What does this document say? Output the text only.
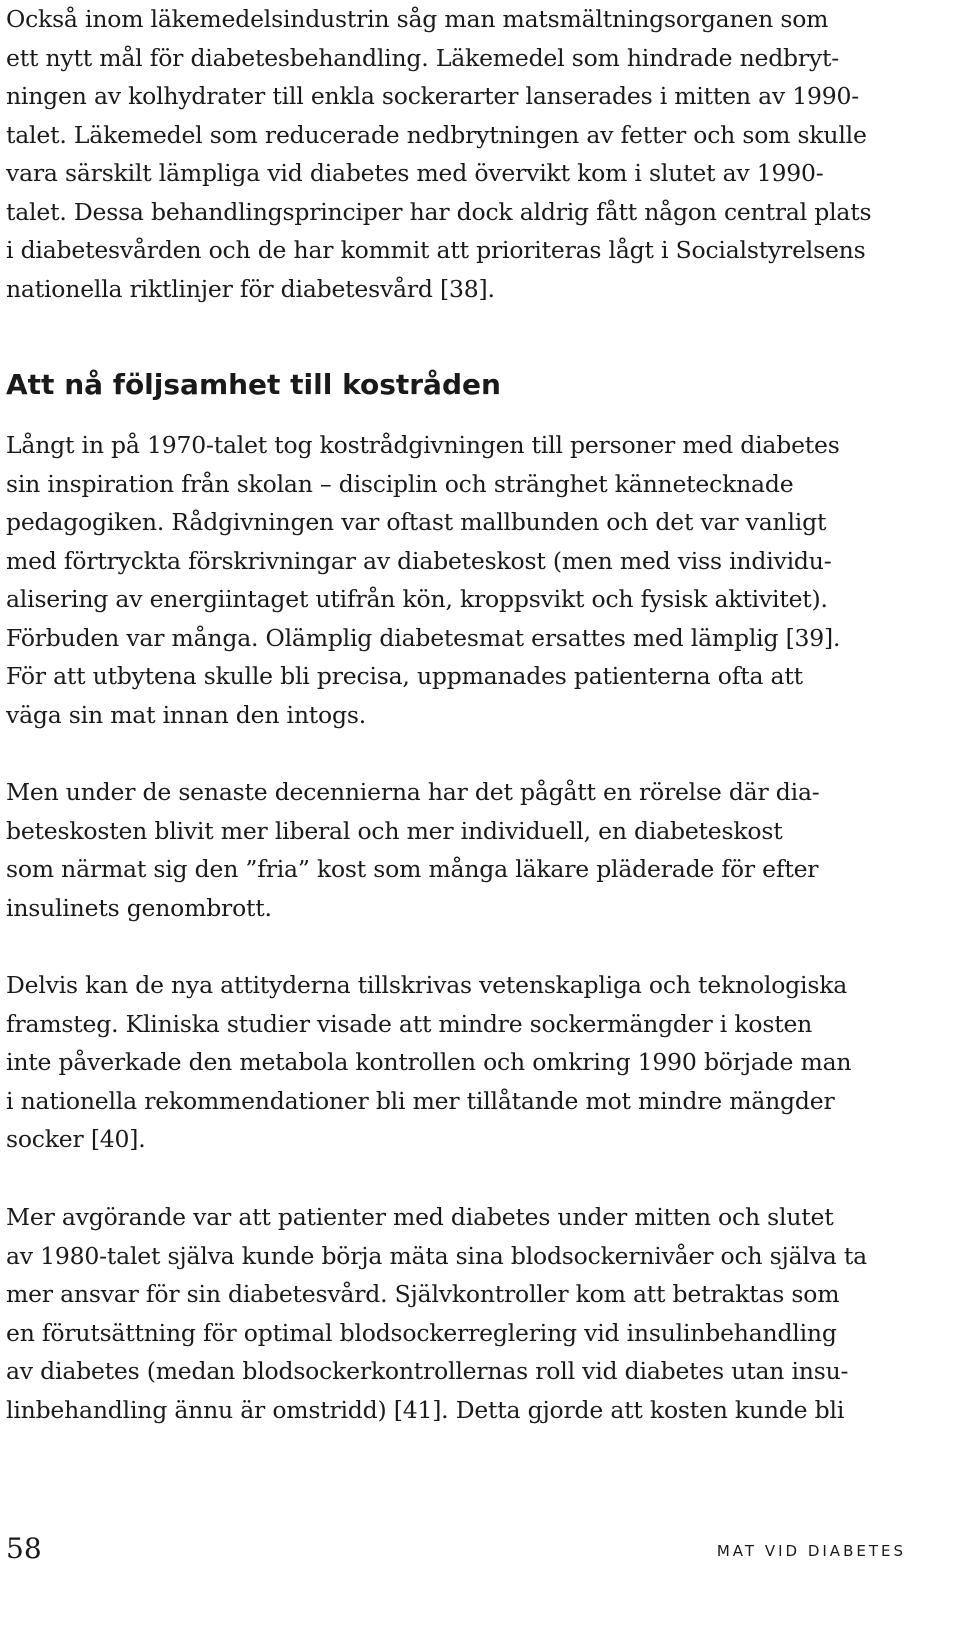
Också inom läkemedelsindustrin såg man matsmältningsorganen som
ett nytt mål för diabetesbehandling. Läkemedel som hindrade nedbryt-
ningen av kolhydrater till enkla sockerarter lanserades i mitten av 1990-
talet. Läkemedel som reducerade nedbrytningen av fetter och som skulle
vara särskilt lämpliga vid diabetes med övervikt kom i slutet av 1990-
talet. Dessa behandlingsprinciper har dock aldrig fått någon central plats
i diabetesvården och de har kommit att prioriteras lågt i Socialstyrelsens
nationella riktlinjer för diabetesvård [38].

Att nå följsamhet till kostråden

Långt in på 1970-talet tog kostrådgivningen till personer med diabetes
sin inspiration från skolan – disciplin och stränghet kännetecknade
pedagogiken. Rådgivningen var oftast mallbunden och det var vanligt
med förtryckta förskrivningar av diabeteskost (men med viss individu-
alisering av energiintaget utifrån kön, kroppsvikt och fysisk aktivitet).
Förbuden var många. Olämplig diabetesmat ersattes med lämplig [39].
För att utbytena skulle bli precisa, uppmanades patienterna ofta att
väga sin mat innan den intogs.

Men under de senaste decennierna har det pågått en rörelse där dia-
beteskosten blivit mer liberal och mer individuell, en diabeteskost
som närmat sig den ”fria” kost som många läkare pläderade för efter
insulinets genombrott.

Delvis kan de nya attityderna tillskrivas vetenskapliga och teknologiska
framsteg. Kliniska studier visade att mindre sockermängder i kosten
inte påverkade den metabola kontrollen och omkring 1990 började man
i nationella rekommendationer bli mer tillåtande mot mindre mängder
socker [40].

Mer avgörande var att patienter med diabetes under mitten och slutet
av 1980-talet själva kunde börja mäta sina blodsockernivåer och själva ta
mer ansvar för sin diabetesvård. Självkontroller kom att betraktas som
en förutsättning för optimal blodsockerreglering vid insulinbehandling
av diabetes (medan blodsockerkontrollernas roll vid diabetes utan insu-
linbehandling ännu är omstridd) [41]. Detta gjorde att kosten kunde bli

58	MAT VID DIABETES
